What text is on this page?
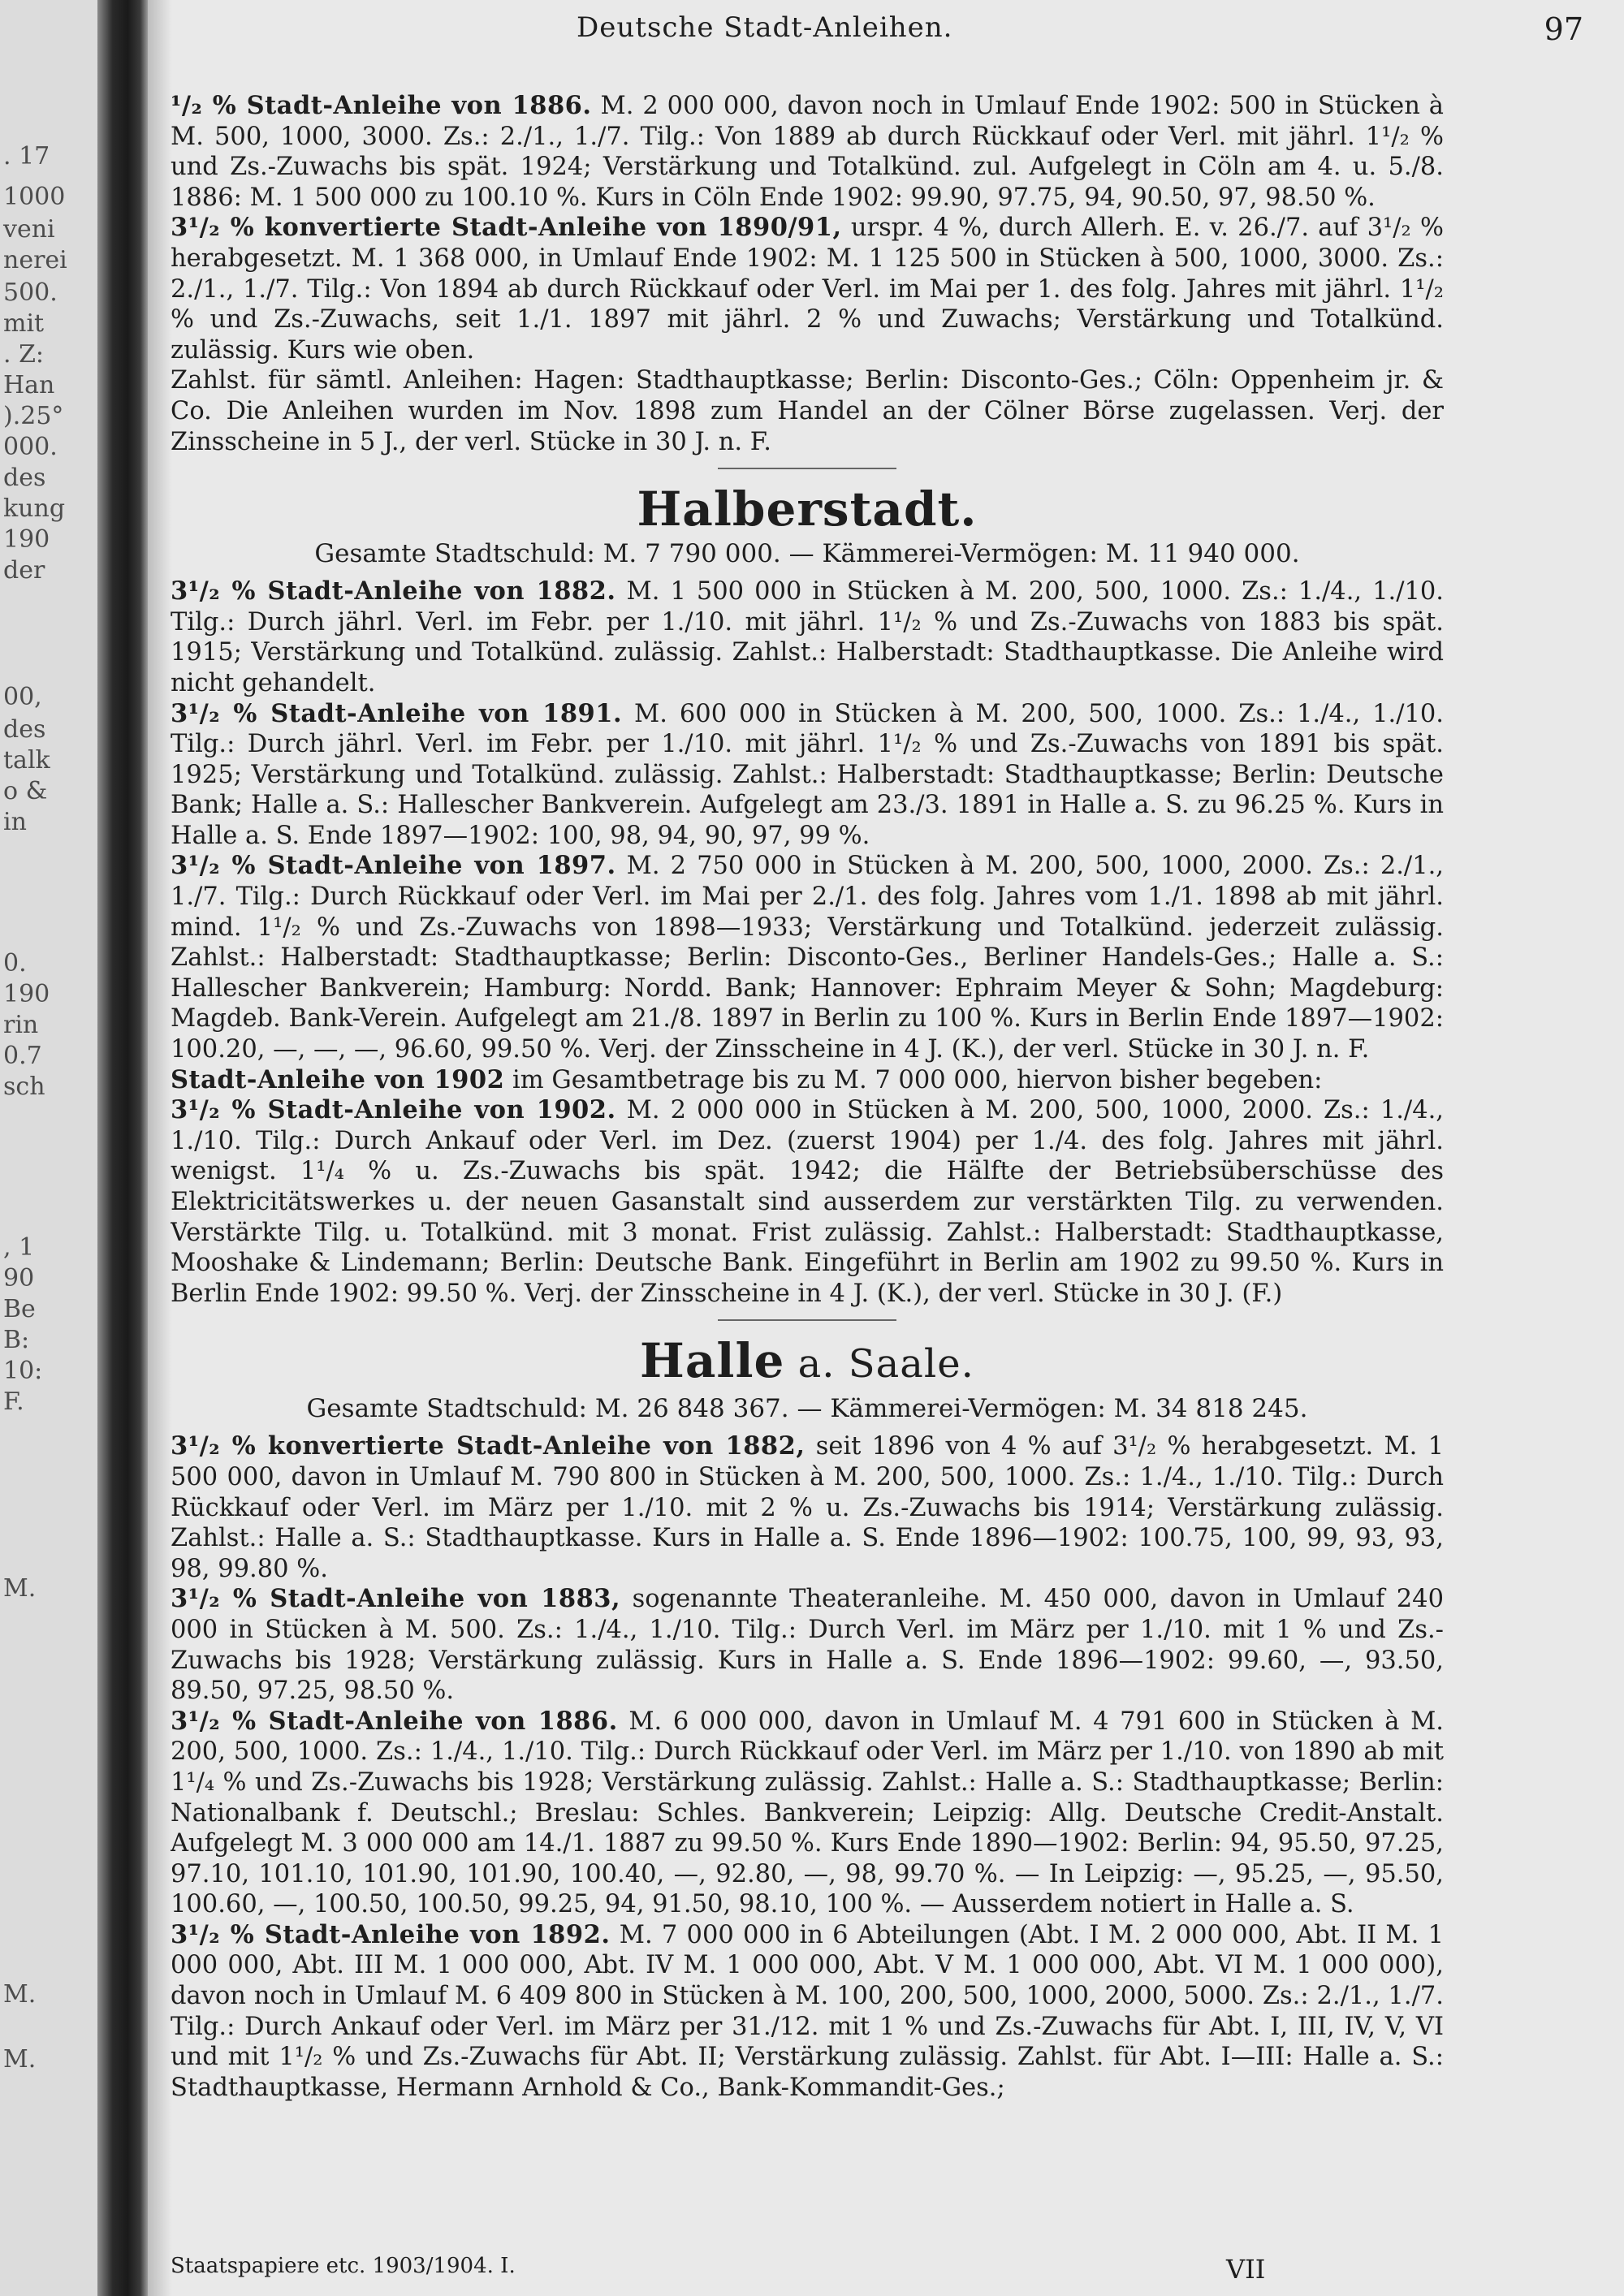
. 17
1000
veni
nerei
500.
mit
. Z:
Han
).25°
000.
des
kung
190
der
00,
des
talk
o &
in
0.
190
rin
0.7
sch
, 1
90
Be
B:
10:
F.
M.
M.
M.
Deutsche Stadt-Anleihen.	97

¹/₂ % Stadt-Anleihe von 1886. M. 2 000 000, davon noch in Umlauf Ende 1902: 500 in Stücken à M. 500, 1000, 3000. Zs.: 2./1., 1./7. Tilg.: Von 1889 ab durch Rückkauf oder Verl. mit jährl. 1¹/₂ % und Zs.-Zuwachs bis spät. 1924; Verstärkung und Totalkünd. zul. Aufgelegt in Cöln am 4. u. 5./8. 1886: M. 1 500 000 zu 100.10 %. Kurs in Cöln Ende 1902: 99.90, 97.75, 94, 90.50, 97, 98.50 %.

3¹/₂ % konvertierte Stadt-Anleihe von 1890/91, urspr. 4 %, durch Allerh. E. v. 26./7. auf 3¹/₂ % herabgesetzt. M. 1 368 000, in Umlauf Ende 1902: M. 1 125 500 in Stücken à 500, 1000, 3000. Zs.: 2./1., 1./7. Tilg.: Von 1894 ab durch Rückkauf oder Verl. im Mai per 1. des folg. Jahres mit jährl. 1¹/₂ % und Zs.-Zuwachs, seit 1./1. 1897 mit jährl. 2 % und Zuwachs; Verstärkung und Totalkünd. zulässig. Kurs wie oben.

Zahlst. für sämtl. Anleihen: Hagen: Stadthauptkasse; Berlin: Disconto-Ges.; Cöln: Oppenheim jr. & Co. Die Anleihen wurden im Nov. 1898 zum Handel an der Cölner Börse zugelassen. Verj. der Zinsscheine in 5 J., der verl. Stücke in 30 J. n. F.

Halberstadt.

Gesamte Stadtschuld: M. 7 790 000. — Kämmerei-Vermögen: M. 11 940 000.

3¹/₂ % Stadt-Anleihe von 1882. M. 1 500 000 in Stücken à M. 200, 500, 1000. Zs.: 1./4., 1./10. Tilg.: Durch jährl. Verl. im Febr. per 1./10. mit jährl. 1¹/₂ % und Zs.-Zuwachs von 1883 bis spät. 1915; Verstärkung und Totalkünd. zulässig. Zahlst.: Halberstadt: Stadthauptkasse. Die Anleihe wird nicht gehandelt.

3¹/₂ % Stadt-Anleihe von 1891. M. 600 000 in Stücken à M. 200, 500, 1000. Zs.: 1./4., 1./10. Tilg.: Durch jährl. Verl. im Febr. per 1./10. mit jährl. 1¹/₂ % und Zs.-Zuwachs von 1891 bis spät. 1925; Verstärkung und Totalkünd. zulässig. Zahlst.: Halberstadt: Stadthauptkasse; Berlin: Deutsche Bank; Halle a. S.: Hallescher Bankverein. Aufgelegt am 23./3. 1891 in Halle a. S. zu 96.25 %. Kurs in Halle a. S. Ende 1897—1902: 100, 98, 94, 90, 97, 99 %.

3¹/₂ % Stadt-Anleihe von 1897. M. 2 750 000 in Stücken à M. 200, 500, 1000, 2000. Zs.: 2./1., 1./7. Tilg.: Durch Rückkauf oder Verl. im Mai per 2./1. des folg. Jahres vom 1./1. 1898 ab mit jährl. mind. 1¹/₂ % und Zs.-Zuwachs von 1898—1933; Verstärkung und Totalkünd. jederzeit zulässig. Zahlst.: Halberstadt: Stadthauptkasse; Berlin: Disconto-Ges., Berliner Handels-Ges.; Halle a. S.: Hallescher Bankverein; Hamburg: Nordd. Bank; Hannover: Ephraim Meyer & Sohn; Magdeburg: Magdeb. Bank-Verein. Aufgelegt am 21./8. 1897 in Berlin zu 100 %. Kurs in Berlin Ende 1897—1902: 100.20, —, —, —, 96.60, 99.50 %. Verj. der Zinsscheine in 4 J. (K.), der verl. Stücke in 30 J. n. F.

Stadt-Anleihe von 1902 im Gesamtbetrage bis zu M. 7 000 000, hiervon bisher begeben:

3¹/₂ % Stadt-Anleihe von 1902. M. 2 000 000 in Stücken à M. 200, 500, 1000, 2000. Zs.: 1./4., 1./10. Tilg.: Durch Ankauf oder Verl. im Dez. (zuerst 1904) per 1./4. des folg. Jahres mit jährl. wenigst. 1¹/₄ % u. Zs.-Zuwachs bis spät. 1942; die Hälfte der Betriebsüberschüsse des Elektricitätswerkes u. der neuen Gasanstalt sind ausserdem zur verstärkten Tilg. zu verwenden. Verstärkte Tilg. u. Totalkünd. mit 3 monat. Frist zulässig. Zahlst.: Halberstadt: Stadthauptkasse, Mooshake & Lindemann; Berlin: Deutsche Bank. Eingeführt in Berlin am 1902 zu 99.50 %. Kurs in Berlin Ende 1902: 99.50 %. Verj. der Zinsscheine in 4 J. (K.), der verl. Stücke in 30 J. (F.)

Halle a. Saale.

Gesamte Stadtschuld: M. 26 848 367. — Kämmerei-Vermögen: M. 34 818 245.

3¹/₂ % konvertierte Stadt-Anleihe von 1882, seit 1896 von 4 % auf 3¹/₂ % herabgesetzt. M. 1 500 000, davon in Umlauf M. 790 800 in Stücken à M. 200, 500, 1000. Zs.: 1./4., 1./10. Tilg.: Durch Rückkauf oder Verl. im März per 1./10. mit 2 % u. Zs.-Zuwachs bis 1914; Verstärkung zulässig. Zahlst.: Halle a. S.: Stadthauptkasse. Kurs in Halle a. S. Ende 1896—1902: 100.75, 100, 99, 93, 93, 98, 99.80 %.

3¹/₂ % Stadt-Anleihe von 1883, sogenannte Theateranleihe. M. 450 000, davon in Umlauf 240 000 in Stücken à M. 500. Zs.: 1./4., 1./10. Tilg.: Durch Verl. im März per 1./10. mit 1 % und Zs.-Zuwachs bis 1928; Verstärkung zulässig. Kurs in Halle a. S. Ende 1896—1902: 99.60, —, 93.50, 89.50, 97.25, 98.50 %.

3¹/₂ % Stadt-Anleihe von 1886. M. 6 000 000, davon in Umlauf M. 4 791 600 in Stücken à M. 200, 500, 1000. Zs.: 1./4., 1./10. Tilg.: Durch Rückkauf oder Verl. im März per 1./10. von 1890 ab mit 1¹/₄ % und Zs.-Zuwachs bis 1928; Verstärkung zulässig. Zahlst.: Halle a. S.: Stadthauptkasse; Berlin: Nationalbank f. Deutschl.; Breslau: Schles. Bankverein; Leipzig: Allg. Deutsche Credit-Anstalt. Aufgelegt M. 3 000 000 am 14./1. 1887 zu 99.50 %. Kurs Ende 1890—1902: Berlin: 94, 95.50, 97.25, 97.10, 101.10, 101.90, 101.90, 100.40, —, 92.80, —, 98, 99.70 %. — In Leipzig: —, 95.25, —, 95.50, 100.60, —, 100.50, 100.50, 99.25, 94, 91.50, 98.10, 100 %. — Ausserdem notiert in Halle a. S.

3¹/₂ % Stadt-Anleihe von 1892. M. 7 000 000 in 6 Abteilungen (Abt. I M. 2 000 000, Abt. II M. 1 000 000, Abt. III M. 1 000 000, Abt. IV M. 1 000 000, Abt. V M. 1 000 000, Abt. VI M. 1 000 000), davon noch in Umlauf M. 6 409 800 in Stücken à M. 100, 200, 500, 1000, 2000, 5000. Zs.: 2./1., 1./7. Tilg.: Durch Ankauf oder Verl. im März per 31./12. mit 1 % und Zs.-Zuwachs für Abt. I, III, IV, V, VI und mit 1¹/₂ % und Zs.-Zuwachs für Abt. II; Verstärkung zulässig. Zahlst. für Abt. I—III: Halle a. S.: Stadthauptkasse, Hermann Arnhold & Co., Bank-Kommandit-Ges.;

Staatspapiere etc. 1903/1904. I.	VII
